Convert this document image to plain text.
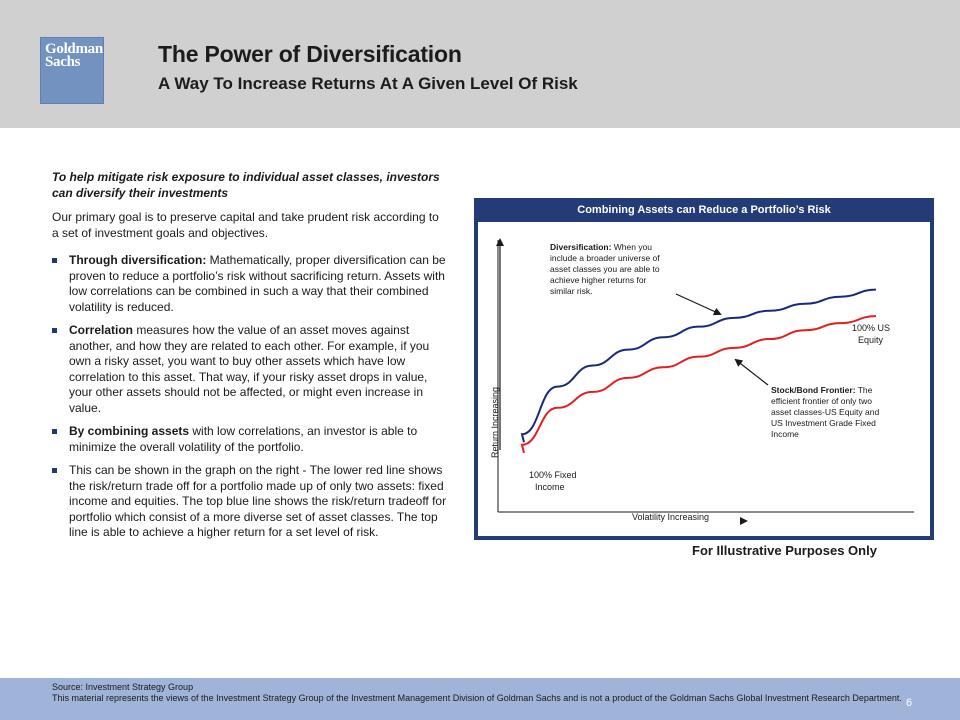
Goldman
Sachs	The Power of Diversification
A Way To Increase Returns At A Given Level Of Risk

To help mitigate risk exposure to individual asset classes, investors can diversify their investments

Our primary goal is to preserve capital and take prudent risk according to a set of investment goals and objectives.

Through diversification: Mathematically, proper diversification can be proven to reduce a portfolio’s risk without sacrificing return. Assets with low correlations can be combined in such a way that their combined volatility is reduced.
Correlation measures how the value of an asset moves against another, and how they are related to each other. For example, if you own a risky asset, you want to buy other assets which have low correlation to this asset. That way, if your risky asset drops in value, your other assets should not be affected, or might even increase in value.
By combining assets with low correlations, an investor is able to minimize the overall volatility of the portfolio.
This can be shown in the graph on the right - The lower red line shows the risk/return trade off for a portfolio made up of only two assets: fixed income and equities. The top blue line shows the risk/return tradeoff for portfolio which consist of a more diverse set of asset classes. The top line is able to achieve a higher return for a set level of risk.
Combining Assets can Reduce a Portfolio’s Risk
Return Increasing
Volatility Increasing
Diversification: When you include a broader universe of asset classes you are able to achieve higher returns for similar risk.
Stock/Bond Frontier: The efficient frontier of only two asset classes-US Equity and US Investment Grade Fixed Income
100% US Equity
100% Fixed Income
For Illustrative Purposes Only
Source: Investment Strategy Group
This material represents the views of the Investment Strategy Group of the Investment Management Division of Goldman Sachs and is not a product of the Goldman Sachs Global Investment Research Department. 6
